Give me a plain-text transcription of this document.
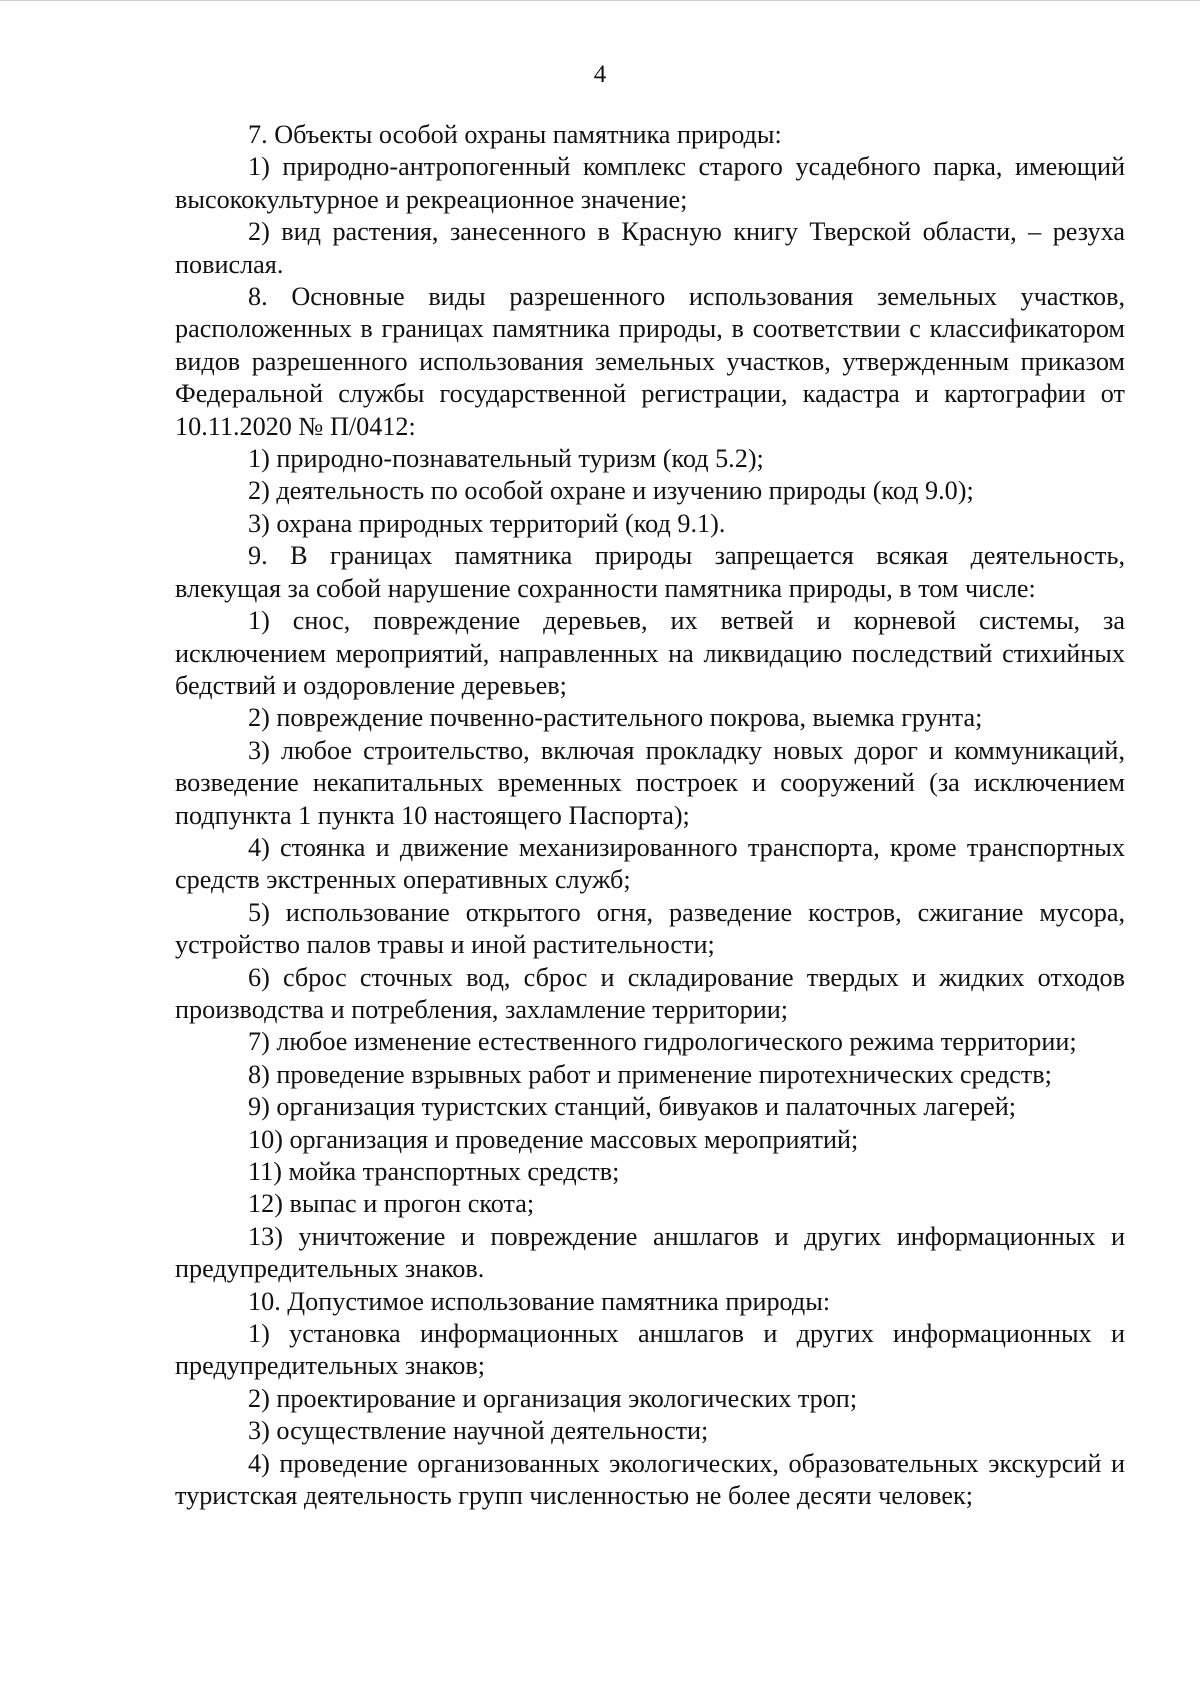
4

7. Объекты особой охраны памятника природы:

1) природно-антропогенный комплекс старого усадебного парка, имеющий высококультурное и рекреационное значение;

2) вид растения, занесенного в Красную книгу Тверской области, – резуха повислая.

8. Основные виды разрешенного использования земельных участков, расположенных в границах памятника природы, в соответствии с классификатором видов разрешенного использования земельных участков, утвержденным приказом Федеральной службы государственной регистрации, кадастра и картографии от 10.11.2020 № П/0412:

1) природно-познавательный туризм (код 5.2);

2) деятельность по особой охране и изучению природы (код 9.0);

3) охрана природных территорий (код 9.1).

9. В границах памятника природы запрещается всякая деятельность, влекущая за собой нарушение сохранности памятника природы, в том числе:

1) снос, повреждение деревьев, их ветвей и корневой системы, за исключением мероприятий, направленных на ликвидацию последствий стихийных бедствий и оздоровление деревьев;

2) повреждение почвенно-растительного покрова, выемка грунта;

3) любое строительство, включая прокладку новых дорог и коммуникаций, возведение некапитальных временных построек и сооружений (за исключением подпункта 1 пункта 10 настоящего Паспорта);

4) стоянка и движение механизированного транспорта, кроме транспортных средств экстренных оперативных служб;

5) использование открытого огня, разведение костров, сжигание мусора, устройство палов травы и иной растительности;

6) сброс сточных вод, сброс и складирование твердых и жидких отходов производства и потребления, захламление территории;

7) любое изменение естественного гидрологического режима территории;

8) проведение взрывных работ и применение пиротехнических средств;

9) организация туристских станций, бивуаков и палаточных лагерей;

10) организация и проведение массовых мероприятий;

11) мойка транспортных средств;

12) выпас и прогон скота;

13) уничтожение и повреждение аншлагов и других информационных и предупредительных знаков.

10. Допустимое использование памятника природы:

1) установка информационных аншлагов и других информационных и предупредительных знаков;

2) проектирование и организация экологических троп;

3) осуществление научной деятельности;

4) проведение организованных экологических, образовательных экскурсий и туристская деятельность групп численностью не более десяти человек;
